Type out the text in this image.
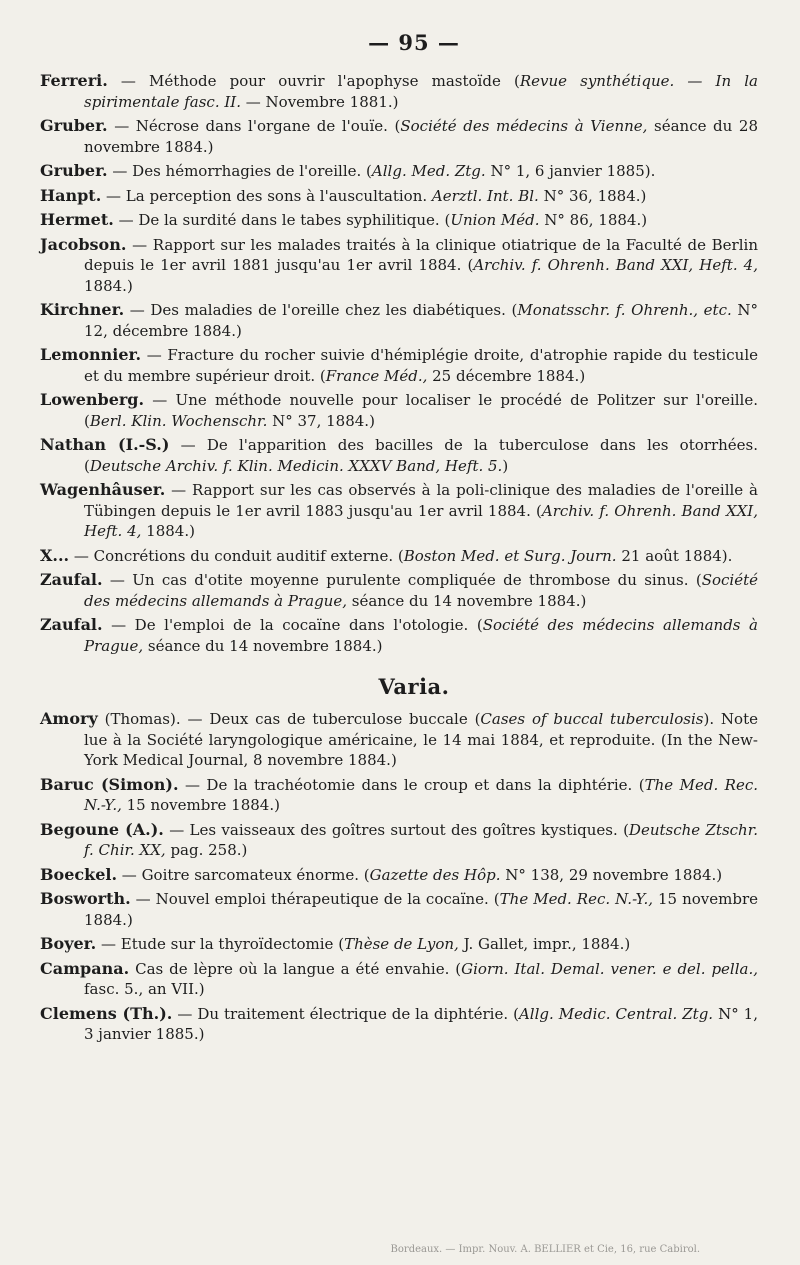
— 95 —

Ferreri. — Méthode pour ouvrir l'apophyse mastoïde (Revue synthétique. — In la spirimentale fasc. II. — Novembre 1881.)

Gruber. — Nécrose dans l'organe de l'ouïe. (Société des médecins à Vienne, séance du 28 novembre 1884.)

Gruber. — Des hémorrhagies de l'oreille. (Allg. Med. Ztg. N° 1, 6 janvier 1885).

Hanpt. — La perception des sons à l'auscultation. Aerztl. Int. Bl. N° 36, 1884.)

Hermet. — De la surdité dans le tabes syphilitique. (Union Méd. N° 86, 1884.)

Jacobson. — Rapport sur les malades traités à la clinique otiatrique de la Faculté de Berlin depuis le 1er avril 1881 jusqu'au 1er avril 1884. (Archiv. f. Ohrenh. Band XXI, Heft. 4, 1884.)

Kirchner. — Des maladies de l'oreille chez les diabétiques. (Monatsschr. f. Ohrenh., etc. N° 12, décembre 1884.)

Lemonnier. — Fracture du rocher suivie d'hémiplégie droite, d'atrophie rapide du testicule et du membre supérieur droit. (France Méd., 25 décembre 1884.)

Lowenberg. — Une méthode nouvelle pour localiser le procédé de Politzer sur l'oreille. (Berl. Klin. Wochenschr. N° 37, 1884.)

Nathan (I.-S.) — De l'apparition des bacilles de la tuberculose dans les otorrhées. (Deutsche Archiv. f. Klin. Medicin. XXXV Band, Heft. 5.)

Wagenhâuser. — Rapport sur les cas observés à la poli-clinique des maladies de l'oreille à Tübingen depuis le 1er avril 1883 jusqu'au 1er avril 1884. (Archiv. f. Ohrenh. Band XXI, Heft. 4, 1884.)

X... — Concrétions du conduit auditif externe. (Boston Med. et Surg. Journ. 21 août 1884).

Zaufal. — Un cas d'otite moyenne purulente compliquée de thrombose du sinus. (Société des médecins allemands à Prague, séance du 14 novembre 1884.)

Zaufal. — De l'emploi de la cocaïne dans l'otologie. (Société des médecins allemands à Prague, séance du 14 novembre 1884.)

Varia.

Amory (Thomas). — Deux cas de tuberculose buccale (Cases of buccal tuberculosis). Note lue à la Société laryngologique américaine, le 14 mai 1884, et reproduite. (In the New-York Medical Journal, 8 novembre 1884.)

Baruc (Simon). — De la trachéotomie dans le croup et dans la diphtérie. (The Med. Rec. N.-Y., 15 novembre 1884.)

Begoune (A.). — Les vaisseaux des goîtres surtout des goîtres kystiques. (Deutsche Ztschr. f. Chir. XX, pag. 258.)

Boeckel. — Goitre sarcomateux énorme. (Gazette des Hôp. N° 138, 29 novembre 1884.)

Bosworth. — Nouvel emploi thérapeutique de la cocaïne. (The Med. Rec. N.-Y., 15 novembre 1884.)

Boyer. — Etude sur la thyroïdectomie (Thèse de Lyon, J. Gallet, impr., 1884.)

Campana. Cas de lèpre où la langue a été envahie. (Giorn. Ital. Demal. vener. e del. pella., fasc. 5., an VII.)

Clemens (Th.). — Du traitement électrique de la diphtérie. (Allg. Medic. Central. Ztg. N° 1, 3 janvier 1885.)

Bordeaux. — Impr. Nouv. A. BELLIER et Cie, 16, rue Cabirol.
